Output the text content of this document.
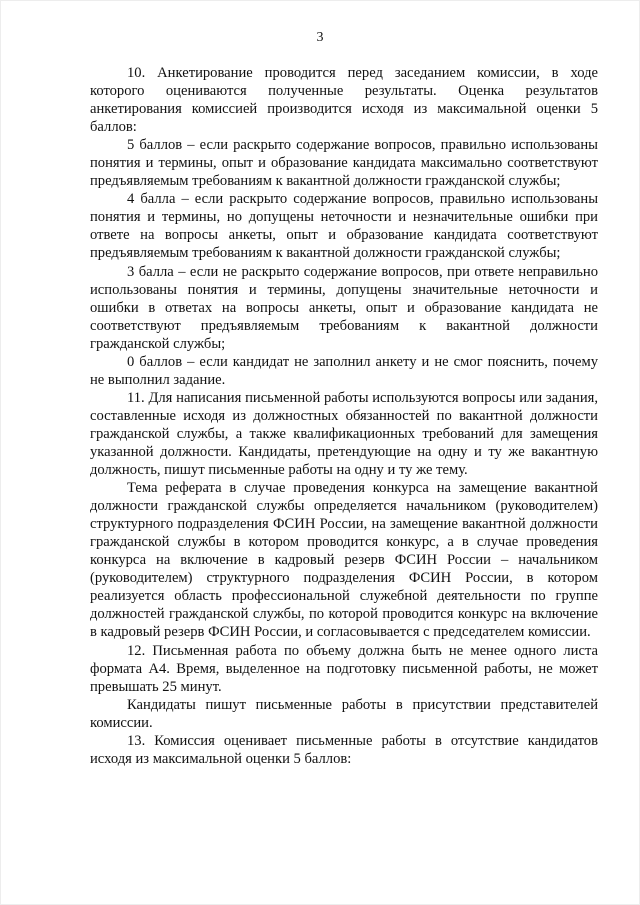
3

10. Анкетирование проводится перед заседанием комиссии, в ходе которого оцениваются полученные результаты. Оценка результатов анкетирования комиссией производится исходя из максимальной оценки 5 баллов:

5 баллов – если раскрыто содержание вопросов, правильно использованы понятия и термины, опыт и образование кандидата максимально соответствуют предъявляемым требованиям к вакантной должности гражданской службы;

4 балла – если раскрыто содержание вопросов, правильно использованы понятия и термины, но допущены неточности и незначительные ошибки при ответе на вопросы анкеты, опыт и образование кандидата соответствуют предъявляемым требованиям к вакантной должности гражданской службы;

3 балла – если не раскрыто содержание вопросов, при ответе неправильно использованы понятия и термины, допущены значительные неточности и ошибки в ответах на вопросы анкеты, опыт и образование кандидата не соответствуют предъявляемым требованиям к вакантной должности гражданской службы;

0 баллов – если кандидат не заполнил анкету и не смог пояснить, почему не выполнил задание.

11. Для написания письменной работы используются вопросы или задания, составленные исходя из должностных обязанностей по вакантной должности гражданской службы, а также квалификационных требований для замещения указанной должности. Кандидаты, претендующие на одну и ту же вакантную должность, пишут письменные работы на одну и ту же тему.

Тема реферата в случае проведения конкурса на замещение вакантной должности гражданской службы определяется начальником (руководителем) структурного подразделения ФСИН России, на замещение вакантной должности гражданской службы в котором проводится конкурс, а в случае проведения конкурса на включение в кадровый резерв ФСИН России – начальником (руководителем) структурного подразделения ФСИН России, в котором реализуется область профессиональной служебной деятельности по группе должностей гражданской службы, по которой проводится конкурс на включение в кадровый резерв ФСИН России, и согласовывается с председателем комиссии.

12. Письменная работа по объему должна быть не менее одного листа формата А4. Время, выделенное на подготовку письменной работы, не может превышать 25 минут.

Кандидаты пишут письменные работы в присутствии представителей комиссии.

13. Комиссия оценивает письменные работы в отсутствие кандидатов исходя из максимальной оценки 5 баллов:
